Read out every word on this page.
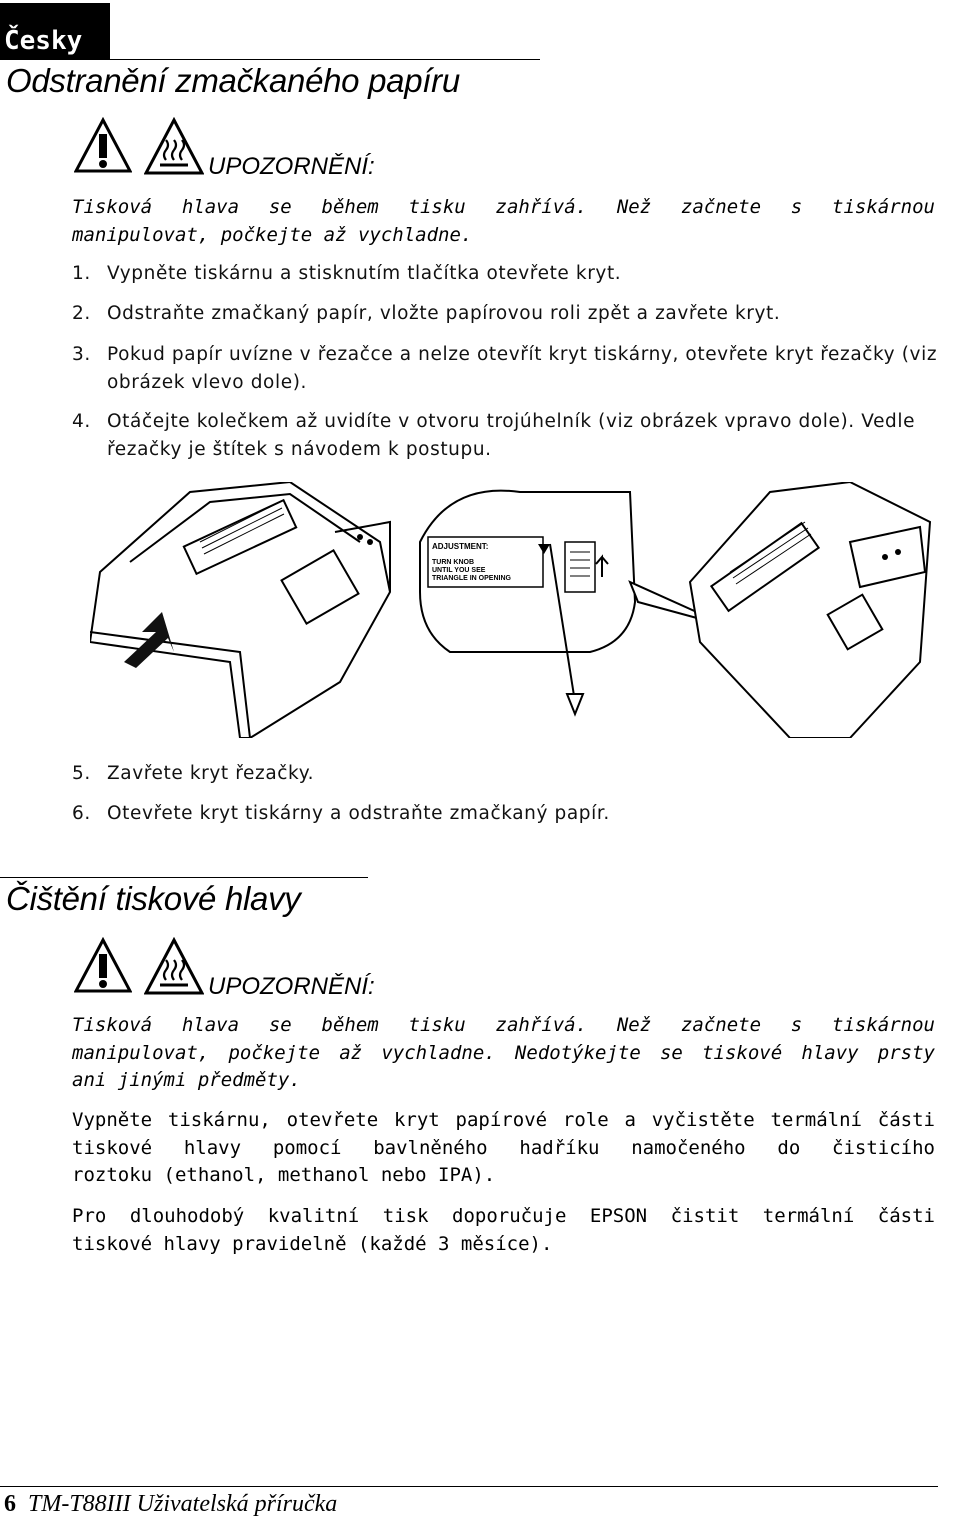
Česky
Odstranění zmačkaného papíru
UPOZORNĚNÍ:
Tisková hlava se během tisku zahřívá. Než začnete s tiskárnou
manipulovat, počkejte až vychladne.
1. Vypněte tiskárnu a stisknutím tlačítka otevřete kryt.
2. Odstraňte zmačkaný papír, vložte papírovou roli zpět a zavřete kryt.
3. Pokud papír uvízne v řezačce a nelze otevřít kryt tiskárny, otevřete kryt řezačky (viz obrázek vlevo dole).
4. Otáčejte kolečkem až uvidíte v otvoru trojúhelník (viz obrázek vpravo dole). Vedle řezačky je štítek s návodem k postupu.
ADJUSTMENT:
TURN KNOB
UNTIL YOU SEE
TRIANGLE IN OPENING
5. Zavřete kryt řezačky.
6. Otevřete kryt tiskárny a odstraňte zmačkaný papír.
Čištění tiskové hlavy
UPOZORNĚNÍ:
Tisková hlava se během tisku zahřívá. Než začnete s tiskárnou
manipulovat, počkejte až vychladne. Nedotýkejte se tiskové hlavy prsty
ani jinými předměty.
Vypněte tiskárnu, otevřete kryt papírové role a vyčistěte termální části
tiskové hlavy pomocí bavlněného hadříku namočeného do čisticího
roztoku (ethanol, methanol nebo IPA).
Pro dlouhodobý kvalitní tisk doporučuje EPSON čistit termální části
tiskové hlavy pravidelně (každé 3 měsíce).
6 TM-T88III Uživatelská příručka
